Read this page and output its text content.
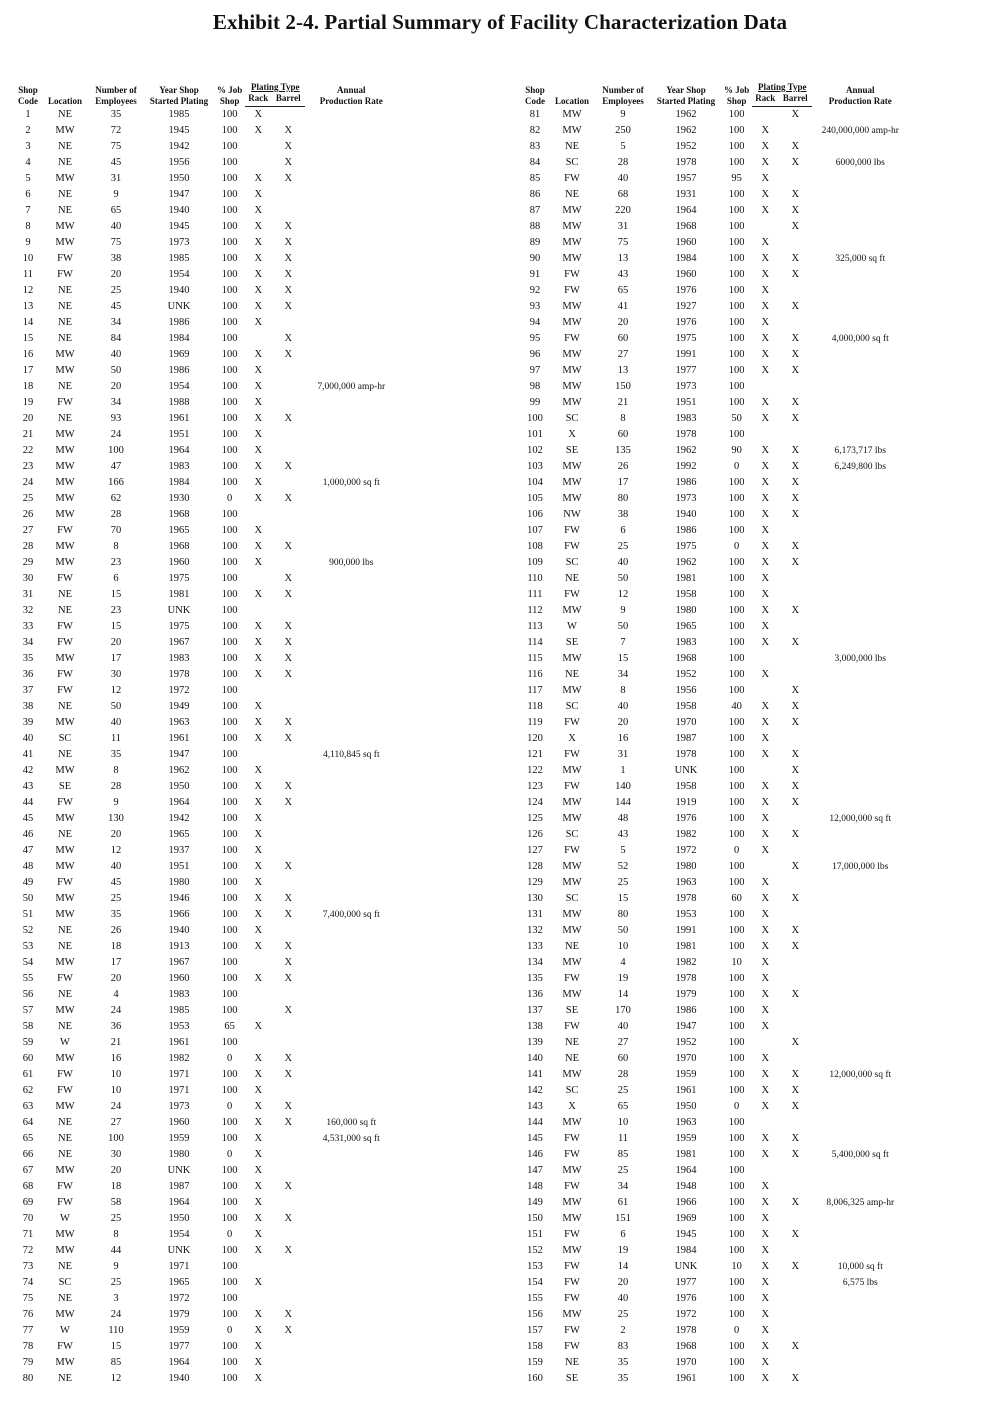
Exhibit 2-4. Partial Summary of Facility Characterization Data
Shop
Code	Location	Number of
Employees	Year Shop
Started Plating	% Job
Shop	Plating Type		Annual
Production Rate
					Rack	Barrel	
1	NE	35	1985	100	X		
2	MW	72	1945	100	X	X	
3	NE	75	1942	100		X	
4	NE	45	1956	100		X	
5	MW	31	1950	100	X	X	
6	NE	9	1947	100	X		
7	NE	65	1940	100	X		
8	MW	40	1945	100	X	X	
9	MW	75	1973	100	X	X	
10	FW	38	1985	100	X	X	
11	FW	20	1954	100	X	X	
12	NE	25	1940	100	X	X	
13	NE	45	UNK	100	X	X	
14	NE	34	1986	100	X		
15	NE	84	1984	100		X	
16	MW	40	1969	100	X	X	
17	MW	50	1986	100	X		
18	NE	20	1954	100	X		7,000,000 amp-hr
19	FW	34	1988	100	X		
20	NE	93	1961	100	X	X	
21	MW	24	1951	100	X		
22	MW	100	1964	100	X		
23	MW	47	1983	100	X	X	
24	MW	166	1984	100	X		1,000,000 sq ft
25	MW	62	1930	0	X	X	
26	MW	28	1968	100			
27	FW	70	1965	100	X		
28	MW	8	1968	100	X	X	
29	MW	23	1960	100	X		900,000 lbs
30	FW	6	1975	100		X	
31	NE	15	1981	100	X	X	
32	NE	23	UNK	100			
33	FW	15	1975	100	X	X	
34	FW	20	1967	100	X	X	
35	MW	17	1983	100	X	X	
36	FW	30	1978	100	X	X	
37	FW	12	1972	100			
38	NE	50	1949	100	X		
39	MW	40	1963	100	X	X	
40	SC	11	1961	100	X	X	
41	NE	35	1947	100			4,110,845 sq ft
42	MW	8	1962	100	X		
43	SE	28	1950	100	X	X	
44	FW	9	1964	100	X	X	
45	MW	130	1942	100	X		
46	NE	20	1965	100	X		
47	MW	12	1937	100	X		
48	MW	40	1951	100	X	X	
49	FW	45	1980	100	X		
50	MW	25	1946	100	X	X	
51	MW	35	1966	100	X	X	7,400,000 sq ft
52	NE	26	1940	100	X		
53	NE	18	1913	100	X	X	
54	MW	17	1967	100		X	
55	FW	20	1960	100	X	X	
56	NE	4	1983	100			
57	MW	24	1985	100		X	
58	NE	36	1953	65	X		
59	W	21	1961	100			
60	MW	16	1982	0	X	X	
61	FW	10	1971	100	X	X	
62	FW	10	1971	100	X		
63	MW	24	1973	0	X	X	
64	NE	27	1960	100	X	X	160,000 sq ft
65	NE	100	1959	100	X		4,531,000 sq ft
66	NE	30	1980	0	X		
67	MW	20	UNK	100	X		
68	FW	18	1987	100	X	X	
69	FW	58	1964	100	X		
70	W	25	1950	100	X	X	
71	MW	8	1954	0	X		
72	MW	44	UNK	100	X	X	
73	NE	9	1971	100			
74	SC	25	1965	100	X		
75	NE	3	1972	100			
76	MW	24	1979	100	X	X	
77	W	110	1959	0	X	X	
78	FW	15	1977	100	X		
79	MW	85	1964	100	X		
80	NE	12	1940	100	X		
Shop
Code	Location	Number of
Employees	Year Shop
Started Plating	% Job
Shop	Plating Type		Annual
Production Rate
					Rack	Barrel	
81	MW	9	1962	100		X	
82	MW	250	1962	100	X		240,000,000 amp-hr
83	NE	5	1952	100	X	X	
84	SC	28	1978	100	X	X	6000,000 lbs
85	FW	40	1957	95	X		
86	NE	68	1931	100	X	X	
87	MW	220	1964	100	X	X	
88	MW	31	1968	100		X	
89	MW	75	1960	100	X		
90	MW	13	1984	100	X	X	325,000 sq ft
91	FW	43	1960	100	X	X	
92	FW	65	1976	100	X		
93	MW	41	1927	100	X	X	
94	MW	20	1976	100	X		
95	FW	60	1975	100	X	X	4,000,000 sq ft
96	MW	27	1991	100	X	X	
97	MW	13	1977	100	X	X	
98	MW	150	1973	100			
99	MW	21	1951	100	X	X	
100	SC	8	1983	50	X	X	
101	X	60	1978	100			
102	SE	135	1962	90	X	X	6,173,717 lbs
103	MW	26	1992	0	X	X	6,249,800 lbs
104	MW	17	1986	100	X	X	
105	MW	80	1973	100	X	X	
106	NW	38	1940	100	X	X	
107	FW	6	1986	100	X		
108	FW	25	1975	0	X	X	
109	SC	40	1962	100	X	X	
110	NE	50	1981	100	X		
111	FW	12	1958	100	X		
112	MW	9	1980	100	X	X	
113	W	50	1965	100	X		
114	SE	7	1983	100	X	X	
115	MW	15	1968	100			3,000,000 lbs
116	NE	34	1952	100	X		
117	MW	8	1956	100		X	
118	SC	40	1958	40	X	X	
119	FW	20	1970	100	X	X	
120	X	16	1987	100	X		
121	FW	31	1978	100	X	X	
122	MW	1	UNK	100		X	
123	FW	140	1958	100	X	X	
124	MW	144	1919	100	X	X	
125	MW	48	1976	100	X		12,000,000 sq ft
126	SC	43	1982	100	X	X	
127	FW	5	1972	0	X		
128	MW	52	1980	100		X	17,000,000 lbs
129	MW	25	1963	100	X		
130	SC	15	1978	60	X	X	
131	MW	80	1953	100	X		
132	MW	50	1991	100	X	X	
133	NE	10	1981	100	X	X	
134	MW	4	1982	10	X		
135	FW	19	1978	100	X		
136	MW	14	1979	100	X	X	
137	SE	170	1986	100	X		
138	FW	40	1947	100	X		
139	NE	27	1952	100		X	
140	NE	60	1970	100	X		
141	MW	28	1959	100	X	X	12,000,000 sq ft
142	SC	25	1961	100	X	X	
143	X	65	1950	0	X	X	
144	MW	10	1963	100			
145	FW	11	1959	100	X	X	
146	FW	85	1981	100	X	X	5,400,000 sq ft
147	MW	25	1964	100			
148	FW	34	1948	100	X		
149	MW	61	1966	100	X	X	8,006,325 amp-hr
150	MW	151	1969	100	X		
151	FW	6	1945	100	X	X	
152	MW	19	1984	100	X		
153	FW	14	UNK	10	X	X	10,000 sq ft
154	FW	20	1977	100	X		6,575 lbs
155	FW	40	1976	100	X		
156	MW	25	1972	100	X		
157	FW	2	1978	0	X		
158	FW	83	1968	100	X	X	
159	NE	35	1970	100	X		
160	SE	35	1961	100	X	X	
